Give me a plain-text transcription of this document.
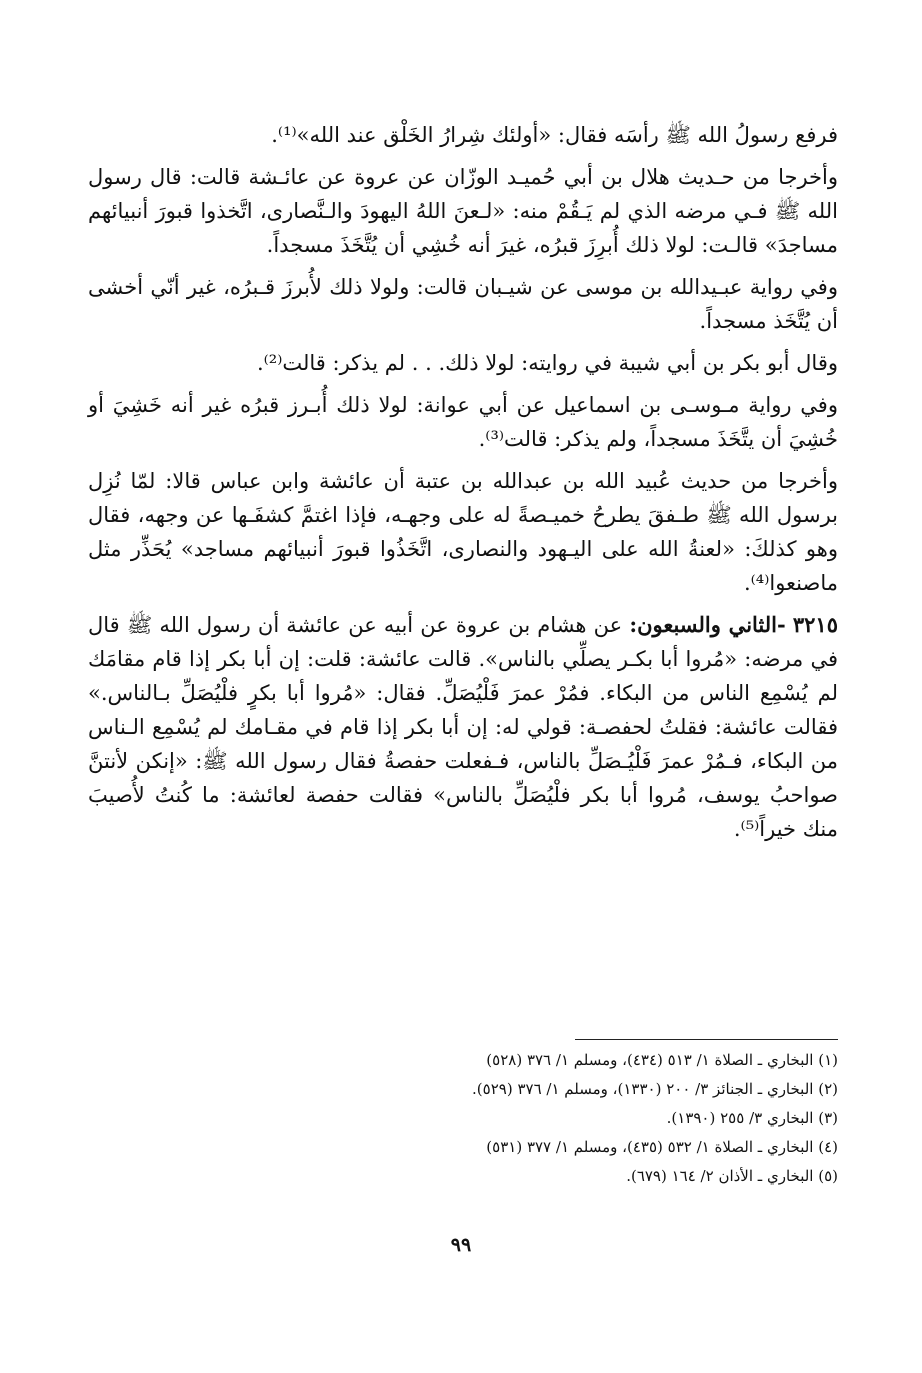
فرفع رسولُ الله ﷺ رأسَه فقال: «أولئك شِرارُ الخَلْق عند الله»⁽¹⁾.

وأخرجا من حـديث هلال بن أبي حُميـد الوزّان عن عروة عن عائـشة قالت: قال رسول الله ﷺ فـي مرضه الذي لم يَـقُمْ منه: «لـعنَ اللهُ اليهودَ والـنَّصارى، اتَّخذوا قبورَ أنبيائهم مساجدَ» قالـت: لولا ذلك أُبرِزَ قبرُه، غيرَ أنه خُشِي أن يُتَّخَذَ مسجداً.

وفي رواية عبـيدالله بن موسى عن شيـبان قالت: ولولا ذلك لأُبرزَ قـبرُه، غير أنّي أخشى أن يُتَّخَذ مسجداً.

وقال أبو بكر بن أبي شيبة في روايته: لولا ذلك. . . لم يذكر: قالت⁽²⁾.

وفي رواية مـوسـى بن اسماعيل عن أبي عوانة: لولا ذلك أُبـرز قبرُه غير أنه خَشِيَ أو خُشِيَ أن يتَّخَذَ مسجداً، ولم يذكر: قالت⁽³⁾.

وأخرجا من حديث عُبيد الله بن عبدالله بن عتبة أن عائشة وابن عباس قالا: لمّا نُزِل برسول الله ﷺ طـفقَ يطرحُ خميـصةً له على وجهـه، فإذا اغتمَّ كشفَـها عن وجهه، فقال وهو كذلكَ: «لعنةُ الله على اليـهود والنصارى، اتَّخَذُوا قبورَ أنبيائهم مساجد» يُحَذِّر مثل ماصنعوا⁽⁴⁾.

٣٢١٥ -الثاني والسبعون: عن هشام بن عروة عن أبيه عن عائشة أن رسول الله ﷺ قال في مرضه: «مُروا أبا بكـر يصلِّي بالناس». قالت عائشة: قلت: إن أبا بكر إذا قام مقامَك لم يُسْمِع الناس من البكاء. فمُرْ عمرَ فَلْيُصَلِّ. فقال: «مُروا أبا بكرٍ فلْيُصَلِّ بـالناس.» فقالت عائشة: فقلتُ لحفصـة: قولي له: إن أبا بكر إذا قام في مقـامك لم يُسْمِع الـناس من البكاء، فـمُرْ عمرَ فَلْيُـصَلِّ بالناس، فـفعلت حفصةُ فقال رسول الله ﷺ: «إنكن لأنتنَّ صواحبُ يوسف، مُروا أبا بكر فلْيُصَلِّ بالناس» فقالت حفصة لعائشة: ما كُنتُ لأُصيبَ منك خيراً⁽⁵⁾.

(١) البخاري ـ الصلاة ١/ ٥١٣ (٤٣٤)، ومسلم ١/ ٣٧٦ (٥٢٨)

(٢) البخاري ـ الجنائز ٣/ ٢٠٠ (١٣٣٠)، ومسلم ١/ ٣٧٦ (٥٢٩).

(٣) البخاري ٣/ ٢٥٥ (١٣٩٠).

(٤) البخاري ـ الصلاة ١/ ٥٣٢ (٤٣٥)، ومسلم ١/ ٣٧٧ (٥٣١)

(٥) البخاري ـ الأذان ٢/ ١٦٤ (٦٧٩).

٩٩
